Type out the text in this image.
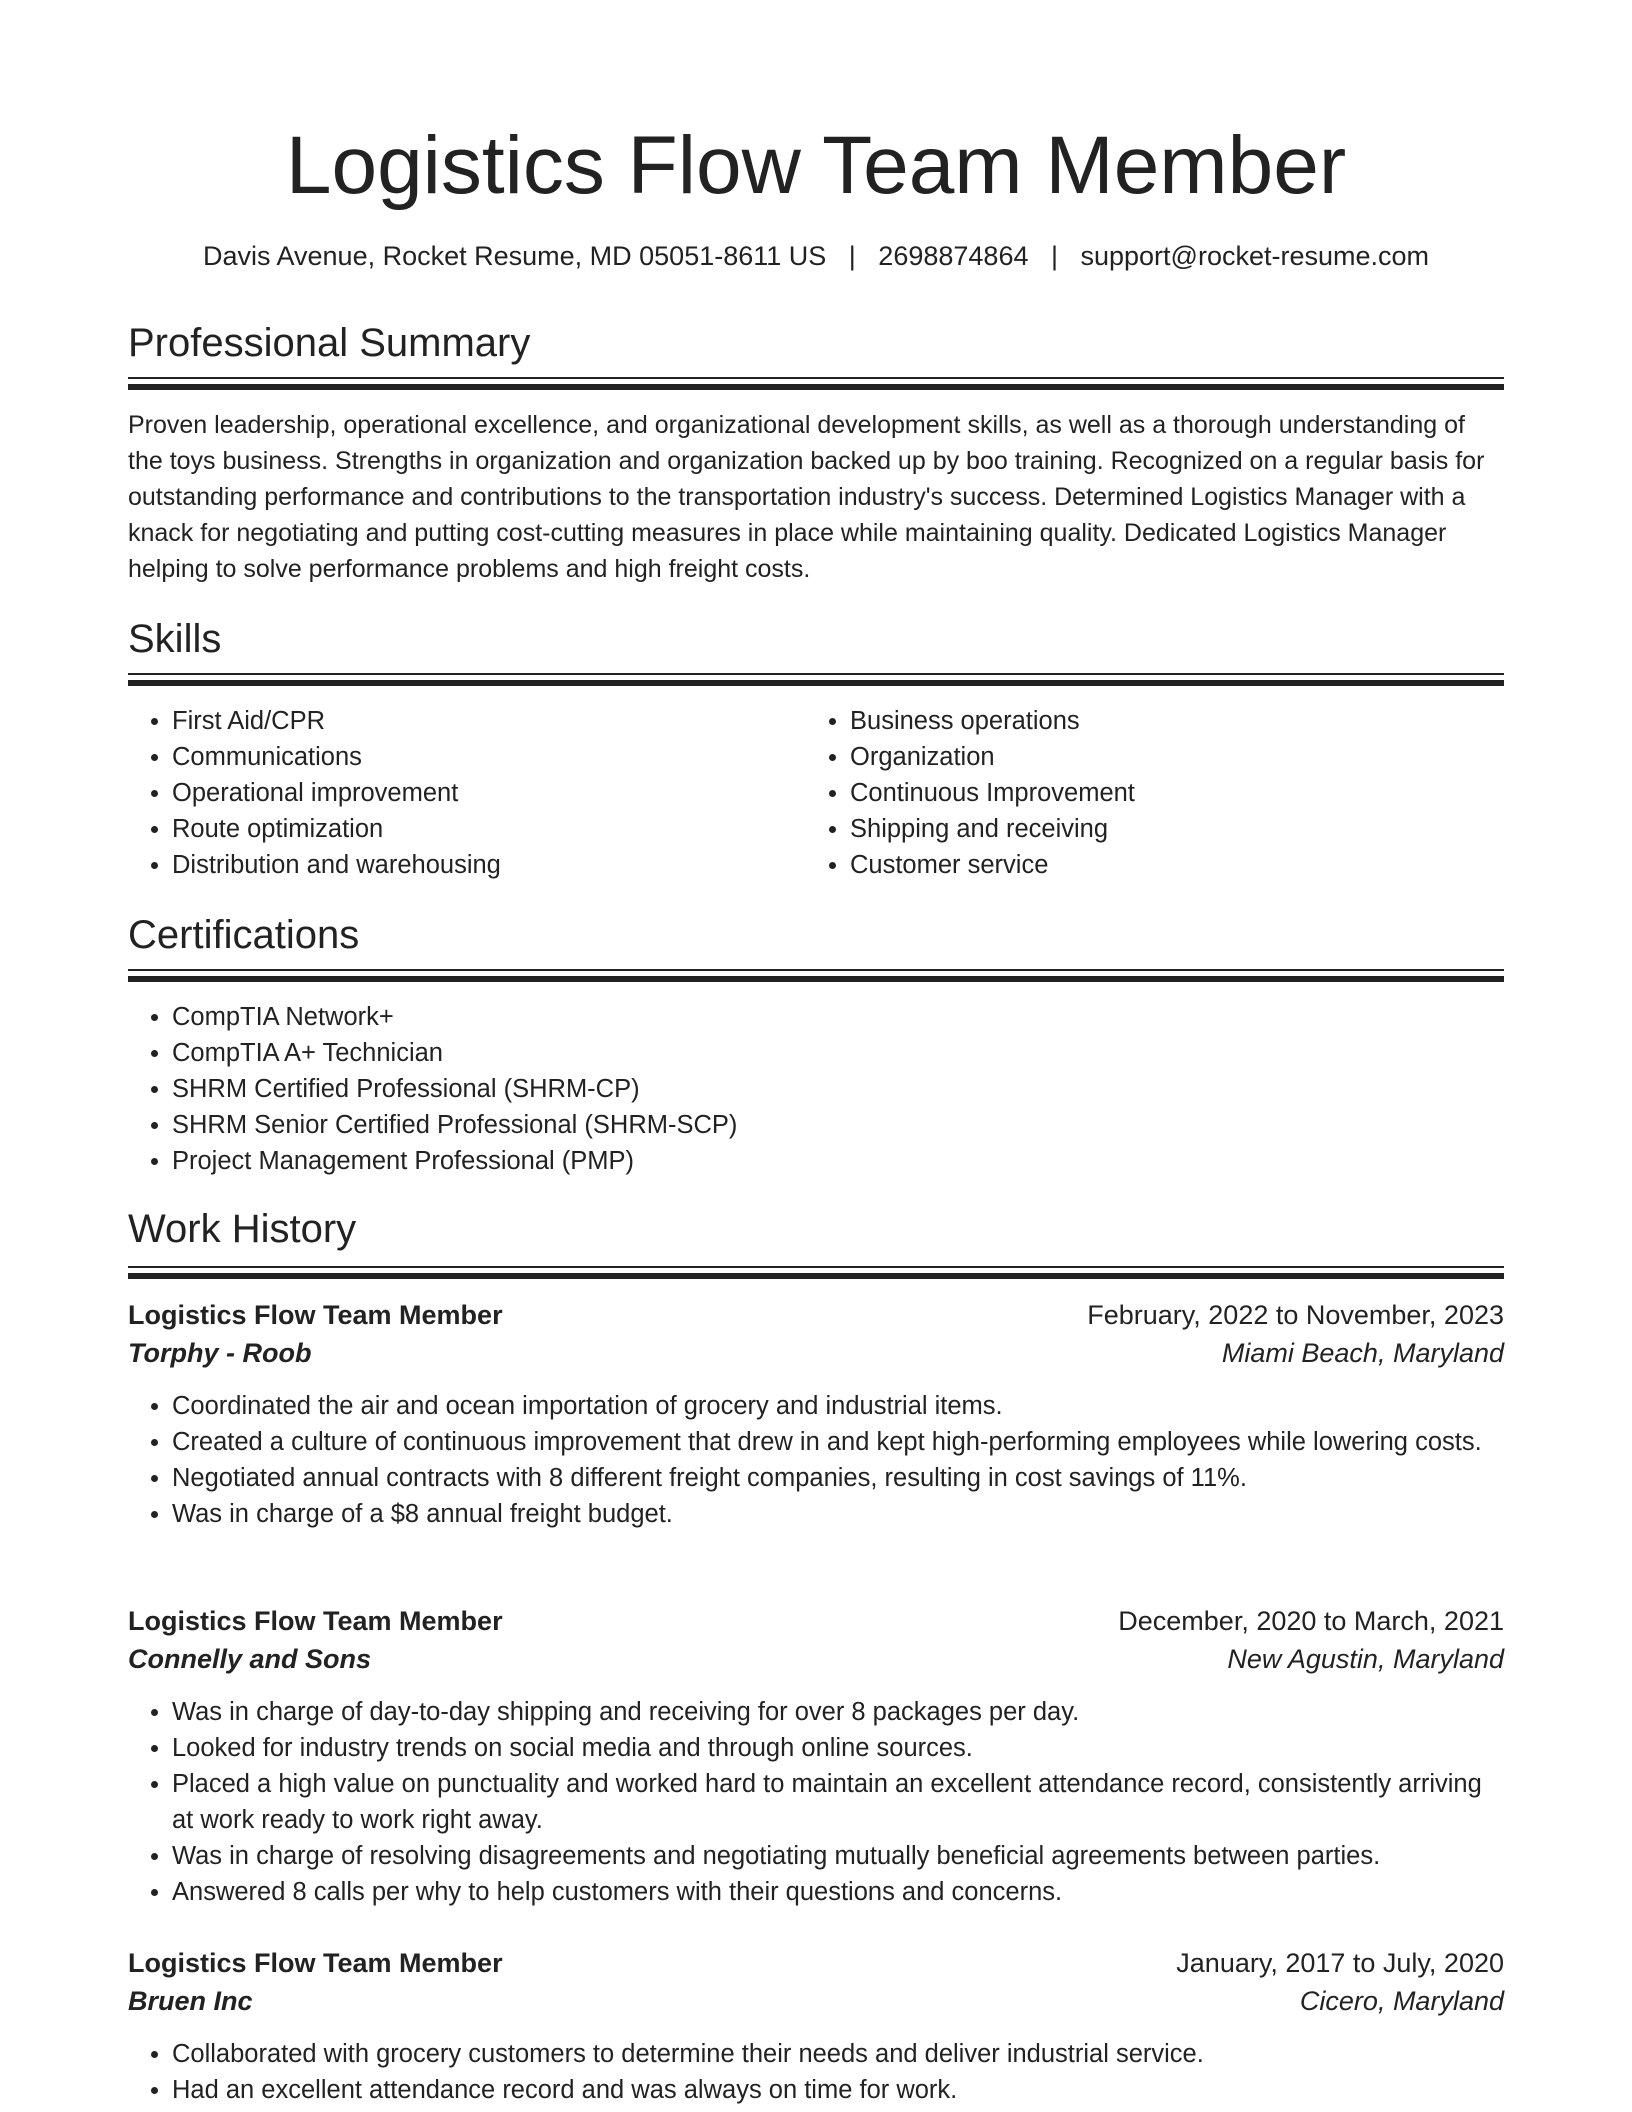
Logistics Flow Team Member
Davis Avenue, Rocket Resume, MD 05051-8611 US   |   2698874864   |   support@rocket-resume.com
Professional Summary
Proven leadership, operational excellence, and organizational development skills, as well as a thorough understanding of the toys business. Strengths in organization and organization backed up by boo training. Recognized on a regular basis for outstanding performance and contributions to the transportation industry's success. Determined Logistics Manager with a knack for negotiating and putting cost-cutting measures in place while maintaining quality. Dedicated Logistics Manager helping to solve performance problems and high freight costs.
Skills
• First Aid/CPR
• Communications
• Operational improvement
• Route optimization
• Distribution and warehousing
• Business operations
• Organization
• Continuous Improvement
• Shipping and receiving
• Customer service
Certifications
• CompTIA Network+
• CompTIA A+ Technician
• SHRM Certified Professional (SHRM-CP)
• SHRM Senior Certified Professional (SHRM-SCP)
• Project Management Professional (PMP)
Work History
Logistics Flow Team Member	February, 2022 to November, 2023
Torphy - Roob	Miami Beach, Maryland
• Coordinated the air and ocean importation of grocery and industrial items.
• Created a culture of continuous improvement that drew in and kept high-performing employees while lowering costs.
• Negotiated annual contracts with 8 different freight companies, resulting in cost savings of 11%.
• Was in charge of a $8 annual freight budget.
Logistics Flow Team Member	December, 2020 to March, 2021
Connelly and Sons	New Agustin, Maryland
• Was in charge of day-to-day shipping and receiving for over 8 packages per day.
• Looked for industry trends on social media and through online sources.
• Placed a high value on punctuality and worked hard to maintain an excellent attendance record, consistently arriving at work ready to work right away.
• Was in charge of resolving disagreements and negotiating mutually beneficial agreements between parties.
• Answered 8 calls per why to help customers with their questions and concerns.
Logistics Flow Team Member	January, 2017 to July, 2020
Bruen Inc	Cicero, Maryland
• Collaborated with grocery customers to determine their needs and deliver industrial service.
• Had an excellent attendance record and was always on time for work.
